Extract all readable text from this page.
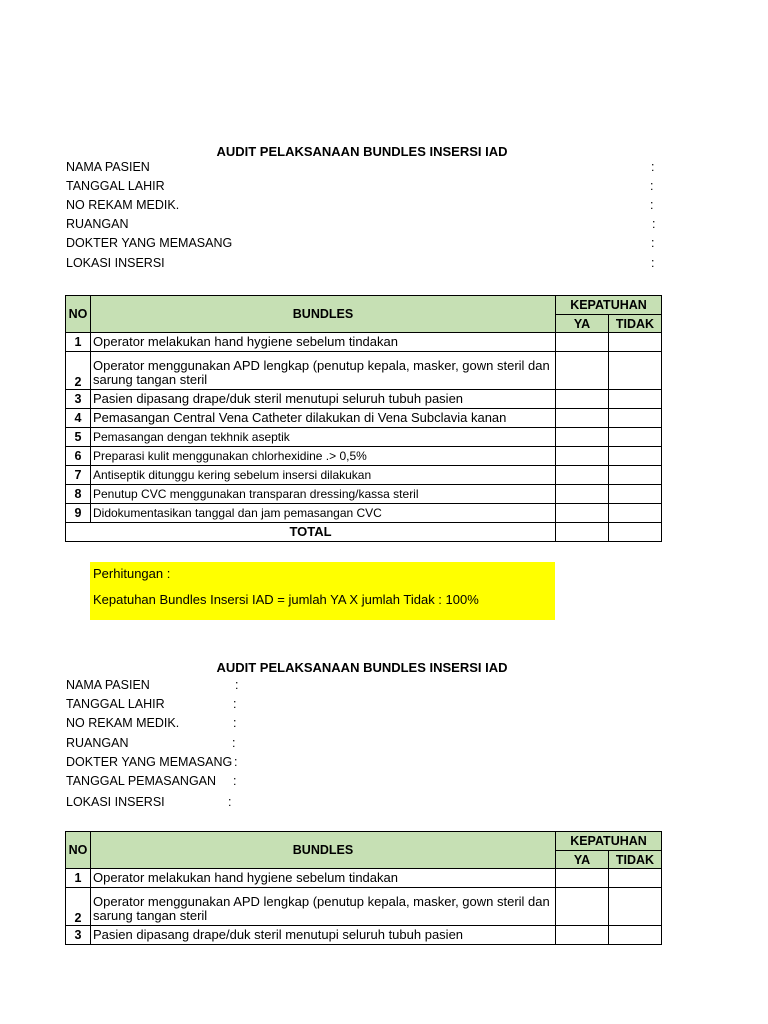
AUDIT PELAKSANAAN BUNDLES INSERSI IAD
NAMA PASIEN	:
TANGGAL LAHIR	:
NO REKAM MEDIK.	:
RUANGAN	:
DOKTER YANG MEMASANG	:
LOKASI INSERSI	:
NO	BUNDLES	KEPATUHAN	
		YA	TIDAK
1	Operator melakukan hand hygiene sebelum tindakan		
2	Operator menggunakan APD lengkap (penutup kepala, masker, gown steril dan sarung tangan steril		
3	Pasien dipasang drape/duk steril menutupi seluruh tubuh pasien		
4	Pemasangan Central Vena Catheter dilakukan di Vena Subclavia kanan		
5	Pemasangan dengan tekhnik aseptik		
6	Preparasi kulit menggunakan chlorhexidine .> 0,5%		
7	Antiseptik ditunggu kering sebelum insersi dilakukan		
8	Penutup CVC menggunakan transparan dressing/kassa steril		
9	Didokumentasikan tanggal dan jam pemasangan CVC		
TOTAL			
Perhitungan :
Kepatuhan Bundles Insersi IAD = jumlah YA X jumlah Tidak : 100%
AUDIT PELAKSANAAN BUNDLES INSERSI IAD
NAMA PASIEN	:
TANGGAL LAHIR	:
NO REKAM MEDIK.	:
RUANGAN	:
DOKTER YANG MEMASANG :
TANGGAL PEMASANGAN :
LOKASI INSERSI	:
NO	BUNDLES	KEPATUHAN	
		YA	TIDAK
1	Operator melakukan hand hygiene sebelum tindakan		
2	Operator menggunakan APD lengkap (penutup kepala, masker, gown steril dan sarung tangan steril		
3	Pasien dipasang drape/duk steril menutupi seluruh tubuh pasien		
